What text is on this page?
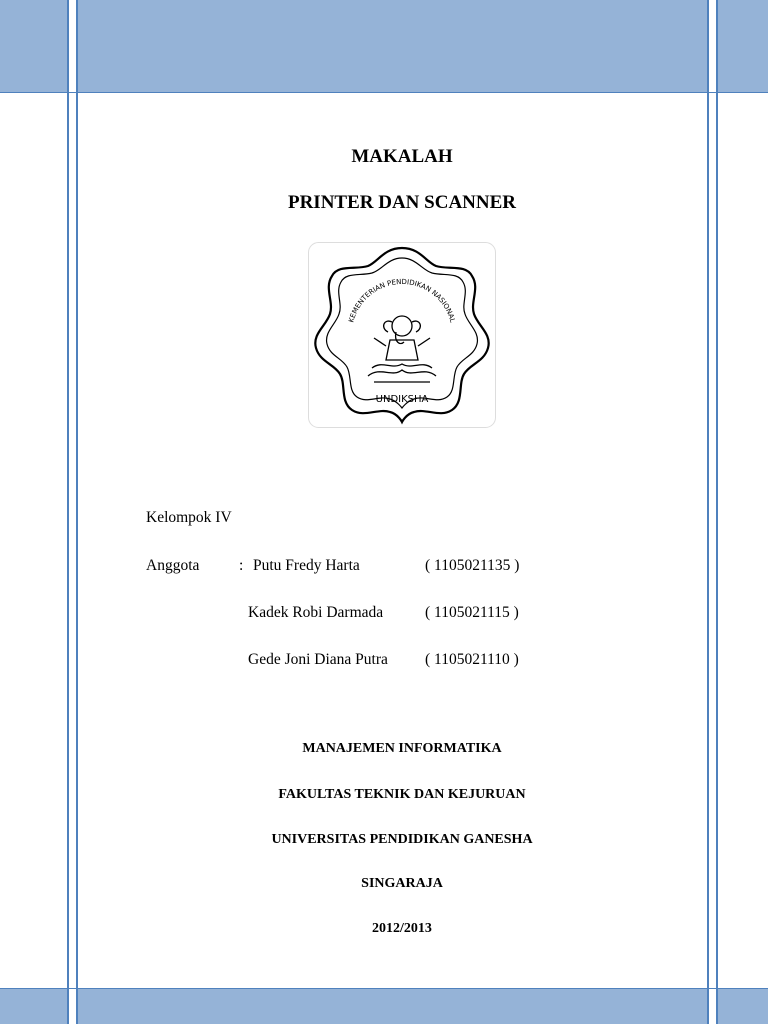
MAKALAH
PRINTER DAN SCANNER
KEMENTERIAN PENDIDIKAN NASIONAL
UNDIKSHA
Kelompok IV
Anggota	: Putu Fredy Harta	( 1105021135 )
Kadek Robi Darmada	( 1105021115 )
Gede Joni Diana Putra ( 1105021110 )
MANAJEMEN INFORMATIKA
FAKULTAS TEKNIK DAN KEJURUAN
UNIVERSITAS PENDIDIKAN GANESHA
SINGARAJA
2012/2013
